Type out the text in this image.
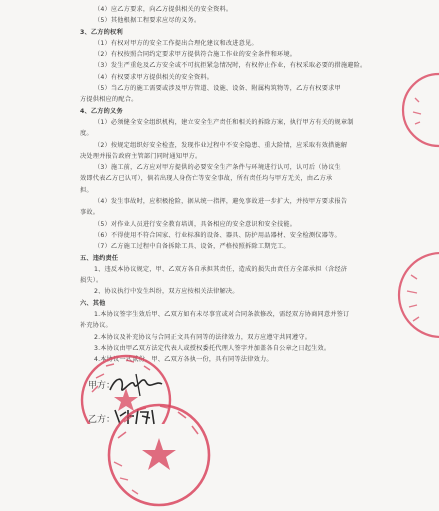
（4）应乙方要求，向乙方提供相关的安全资料。
（5）其他根据工程要求应尽的义务。
3、乙方的权利
（1）有权对甲方的安全工作提出合理化建议和改进意见。
（2）有权按照合同约定要求甲方提供符合施工作业的安全条件和环境。
（3）发生严重危及乙方安全或不可抗拒紧急情况时，有权停止作业，有权采取必要的措施避险。
（4）有权要求甲方提供相关的安全资料。
（5）当乙方的施工需要或涉及甲方管道、设施、设备、附属构筑物等，乙方有权要求甲
方提供相应的配合。
4、乙方的义务
（1）必须健全安全组织机构，建立安全生产责任和相关的拆除方案，执行甲方有关的规章制
度。
（2）按规定组织好安全检查，发现作业过程中不安全隐患、重大险情，应采取有效措施解
决处理并报告政府主管部门同时通知甲方。
（3）施工前，乙方应对甲方提供的必要安全生产条件与环境进行认可，认可后（协议生
效即代表乙方已认可），倘若出现人身伤亡等安全事故，所有责任均与甲方无关，由乙方承
担。
（4）发生事故时，应积极抢险，据从统一指挥，避免事故进一步扩大，并按甲方要求报告
事故。
（5）对作业人员进行安全教育培训，具备相应的安全意识和安全技能。
（6）不得使用不符合国家、行业标准的设备、器具、防护用品器材、安全检测仪器等。
（7）乙方施工过程中自备拆除工具、设备，严格按照拆除工期完工。
五、违约责任
1、违反本协议规定，甲、乙双方各自承担其责任，造成的损失由责任方全部承担（含经济
损失）。
2、协议执行中发生纠纷，双方应按相关法律解决。
六、其他
1.本协议签字生效后甲、乙双方如有未尽事宜或对合同条款修改，需经双方协商同意并签订
补充协议。
2.本协议及补充协议与合同正文具有同等的法律效力，双方应遵守共同遵守。
3.本协议由甲乙双方法定代表人或授权委托代理人签字并加盖各自公章之日起生效。
4.本协议一式贰份，甲、乙双方各执一份，具有同等法律效力。
甲方：
乙方：
